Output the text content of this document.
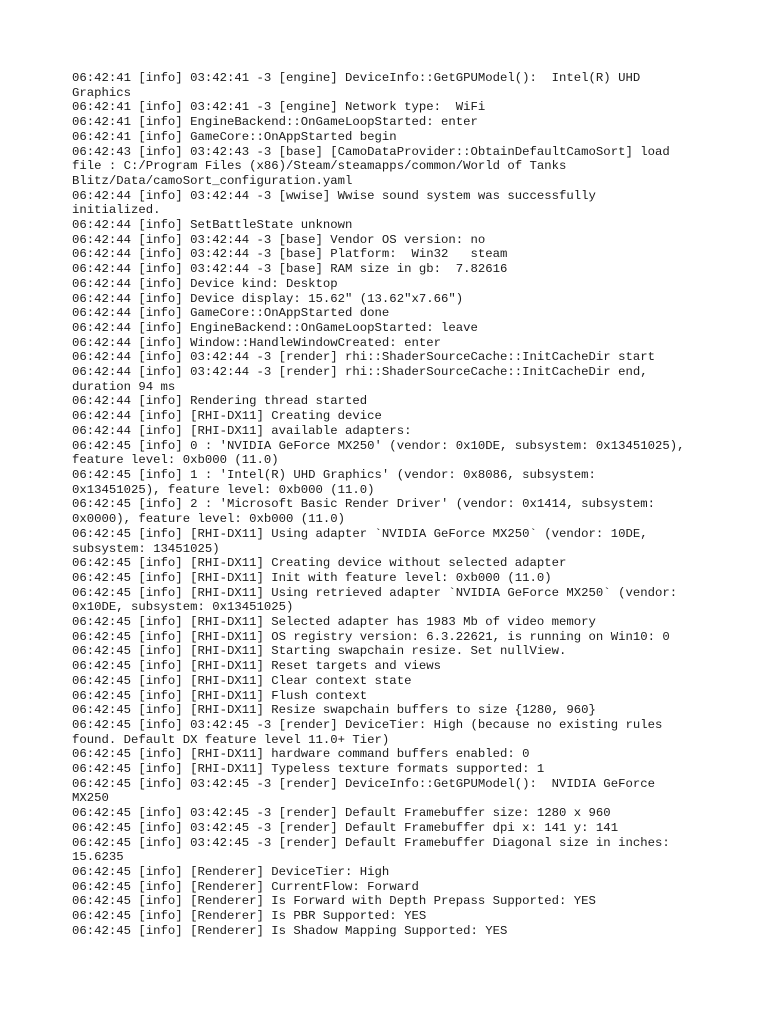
06:42:41 [info] 03:42:41 -3 [engine] DeviceInfo::GetGPUModel():  Intel(R) UHD
Graphics
06:42:41 [info] 03:42:41 -3 [engine] Network type:  WiFi
06:42:41 [info] EngineBackend::OnGameLoopStarted: enter
06:42:41 [info] GameCore::OnAppStarted begin
06:42:43 [info] 03:42:43 -3 [base] [CamoDataProvider::ObtainDefaultCamoSort] load
file : C:/Program Files (x86)/Steam/steamapps/common/World of Tanks
Blitz/Data/camoSort_configuration.yaml
06:42:44 [info] 03:42:44 -3 [wwise] Wwise sound system was successfully
initialized.
06:42:44 [info] SetBattleState unknown
06:42:44 [info] 03:42:44 -3 [base] Vendor OS version: no
06:42:44 [info] 03:42:44 -3 [base] Platform:  Win32   steam
06:42:44 [info] 03:42:44 -3 [base] RAM size in gb:  7.82616
06:42:44 [info] Device kind: Desktop
06:42:44 [info] Device display: 15.62" (13.62"x7.66")
06:42:44 [info] GameCore::OnAppStarted done
06:42:44 [info] EngineBackend::OnGameLoopStarted: leave
06:42:44 [info] Window::HandleWindowCreated: enter
06:42:44 [info] 03:42:44 -3 [render] rhi::ShaderSourceCache::InitCacheDir start
06:42:44 [info] 03:42:44 -3 [render] rhi::ShaderSourceCache::InitCacheDir end,
duration 94 ms
06:42:44 [info] Rendering thread started
06:42:44 [info] [RHI-DX11] Creating device
06:42:44 [info] [RHI-DX11] available adapters:
06:42:45 [info] 0 : 'NVIDIA GeForce MX250' (vendor: 0x10DE, subsystem: 0x13451025),
feature level: 0xb000 (11.0)
06:42:45 [info] 1 : 'Intel(R) UHD Graphics' (vendor: 0x8086, subsystem:
0x13451025), feature level: 0xb000 (11.0)
06:42:45 [info] 2 : 'Microsoft Basic Render Driver' (vendor: 0x1414, subsystem:
0x0000), feature level: 0xb000 (11.0)
06:42:45 [info] [RHI-DX11] Using adapter `NVIDIA GeForce MX250` (vendor: 10DE,
subsystem: 13451025)
06:42:45 [info] [RHI-DX11] Creating device without selected adapter
06:42:45 [info] [RHI-DX11] Init with feature level: 0xb000 (11.0)
06:42:45 [info] [RHI-DX11] Using retrieved adapter `NVIDIA GeForce MX250` (vendor:
0x10DE, subsystem: 0x13451025)
06:42:45 [info] [RHI-DX11] Selected adapter has 1983 Mb of video memory
06:42:45 [info] [RHI-DX11] OS registry version: 6.3.22621, is running on Win10: 0
06:42:45 [info] [RHI-DX11] Starting swapchain resize. Set nullView.
06:42:45 [info] [RHI-DX11] Reset targets and views
06:42:45 [info] [RHI-DX11] Clear context state
06:42:45 [info] [RHI-DX11] Flush context
06:42:45 [info] [RHI-DX11] Resize swapchain buffers to size {1280, 960}
06:42:45 [info] 03:42:45 -3 [render] DeviceTier: High (because no existing rules
found. Default DX feature level 11.0+ Tier)
06:42:45 [info] [RHI-DX11] hardware command buffers enabled: 0
06:42:45 [info] [RHI-DX11] Typeless texture formats supported: 1
06:42:45 [info] 03:42:45 -3 [render] DeviceInfo::GetGPUModel():  NVIDIA GeForce
MX250
06:42:45 [info] 03:42:45 -3 [render] Default Framebuffer size: 1280 x 960
06:42:45 [info] 03:42:45 -3 [render] Default Framebuffer dpi x: 141 y: 141
06:42:45 [info] 03:42:45 -3 [render] Default Framebuffer Diagonal size in inches:
15.6235
06:42:45 [info] [Renderer] DeviceTier: High
06:42:45 [info] [Renderer] CurrentFlow: Forward
06:42:45 [info] [Renderer] Is Forward with Depth Prepass Supported: YES
06:42:45 [info] [Renderer] Is PBR Supported: YES
06:42:45 [info] [Renderer] Is Shadow Mapping Supported: YES
